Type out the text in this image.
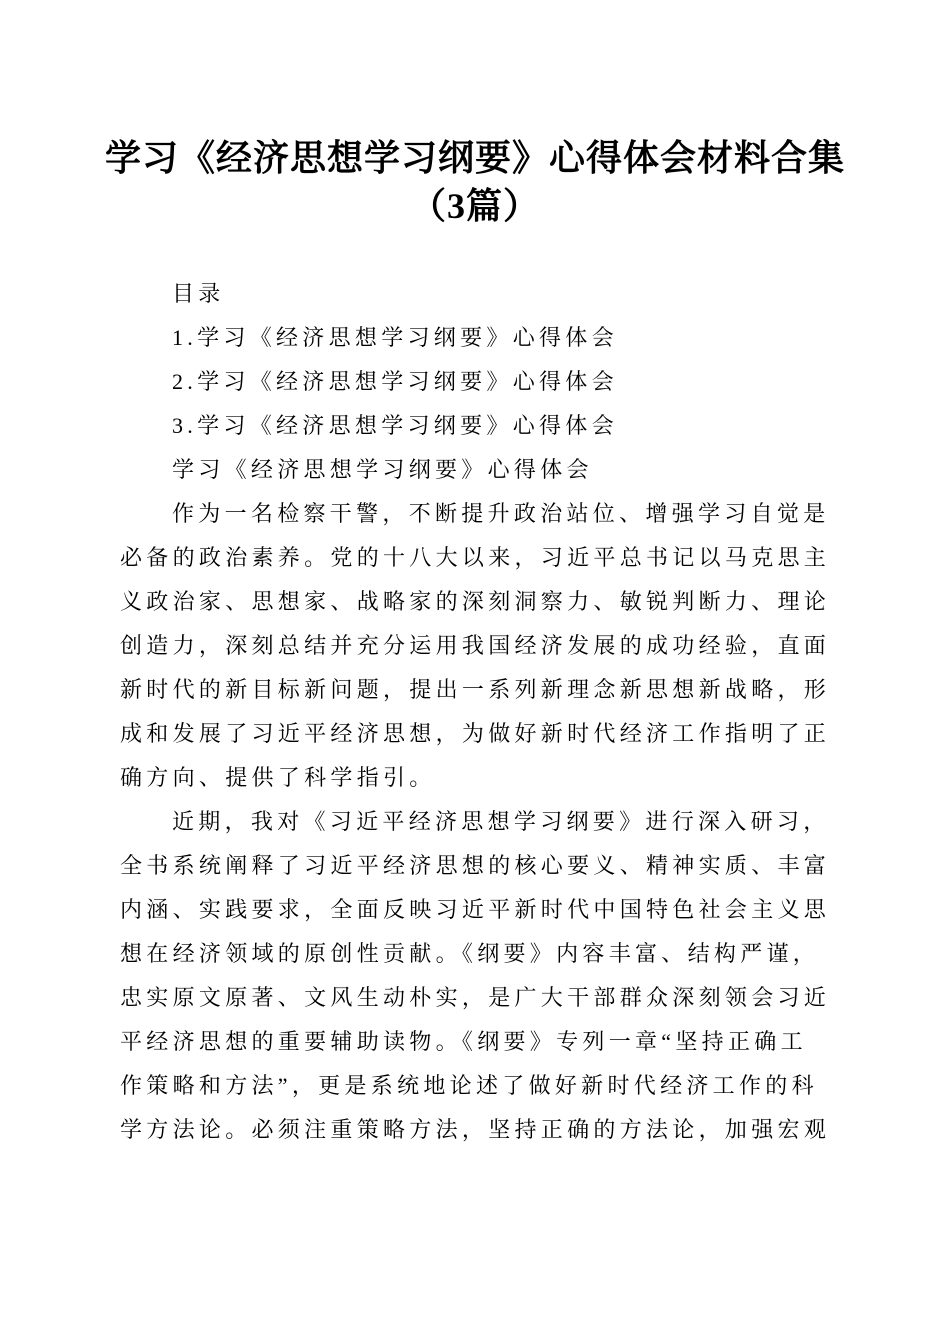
学习《经济思想学习纲要》心得体会材料合集
（3篇）
目录
1.学习《经济思想学习纲要》心得体会
2.学习《经济思想学习纲要》心得体会
3.学习《经济思想学习纲要》心得体会
学习《经济思想学习纲要》心得体会
作为一名检察干警，不断提升政治站位、增强学习自觉是
必备的政治素养。党的十八大以来，习近平总书记以马克思主
义政治家、思想家、战略家的深刻洞察力、敏锐判断力、理论
创造力，深刻总结并充分运用我国经济发展的成功经验，直面
新时代的新目标新问题，提出一系列新理念新思想新战略，形
成和发展了习近平经济思想，为做好新时代经济工作指明了正
确方向、提供了科学指引。
近期，我对《习近平经济思想学习纲要》进行深入研习，
全书系统阐释了习近平经济思想的核心要义、精神实质、丰富
内涵、实践要求，全面反映习近平新时代中国特色社会主义思
想在经济领域的原创性贡献。《纲要》内容丰富、结构严谨，
忠实原文原著、文风生动朴实，是广大干部群众深刻领会习近
平经济思想的重要辅助读物。《纲要》专列一章“坚持正确工
作策略和方法”，更是系统地论述了做好新时代经济工作的科
学方法论。必须注重策略方法，坚持正确的方法论，加强宏观
